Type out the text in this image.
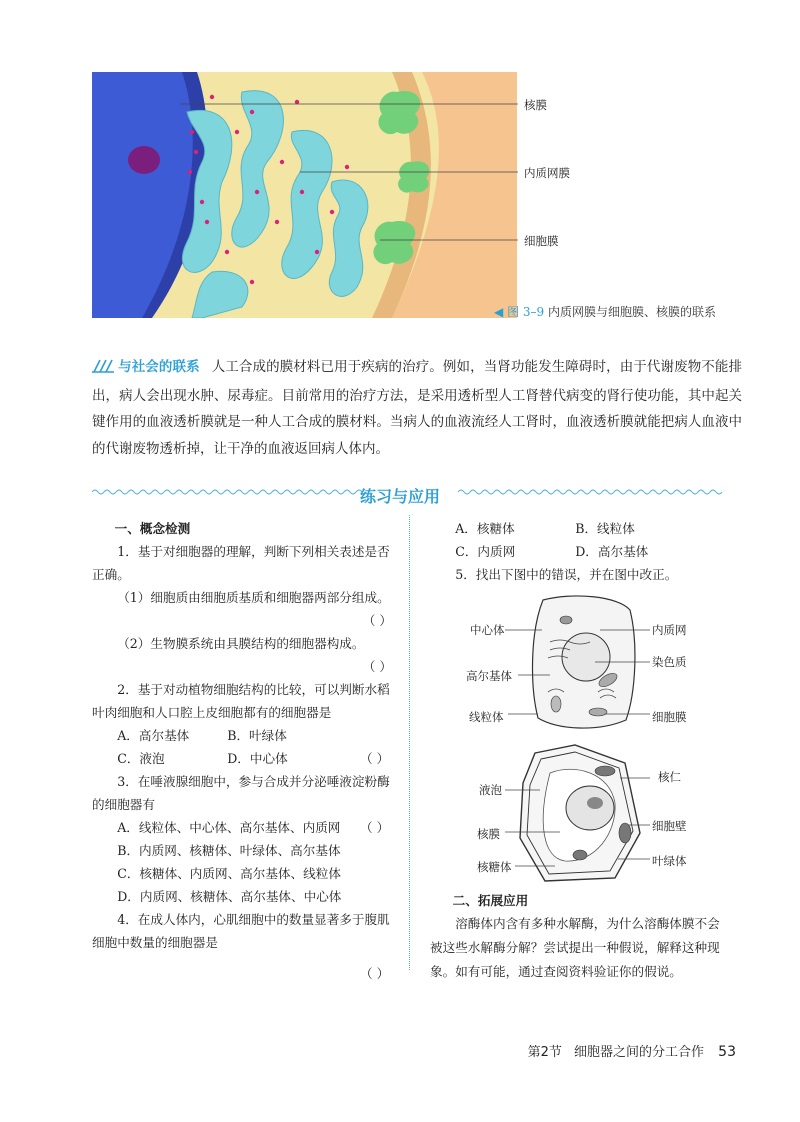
核膜
内质网膜
细胞膜
◀ 图 3–9 内质网膜与细胞膜、核膜的联系
与社会的联系 人工合成的膜材料已用于疾病的治疗。例如，当肾功能发生障碍时，由于代谢废物不能排出，病人会出现水肿、尿毒症。目前常用的治疗方法，是采用透析型人工肾替代病变的肾行使功能，其中起关键作用的血液透析膜就是一种人工合成的膜材料。当病人的血液流经人工肾时，血液透析膜就能把病人血液中的代谢废物透析掉，让干净的血液返回病人体内。
练习与应用

一、概念检测

1．基于对细胞器的理解，判断下列相关表述是否正确。

（1）细胞质由细胞质基质和细胞器两部分组成。

（ ）

（2）生物膜系统由具膜结构的细胞器构成。

（ ）

2．基于对动植物细胞结构的比较，可以判断水稻叶肉细胞和人口腔上皮细胞都有的细胞器是

A．高尔基体	B．叶绿体

C．液泡	D．中心体

3．在唾液腺细胞中，参与合成并分泌唾液淀粉酶的细胞器有

A．线粒体、中心体、高尔基体、内质网

B．内质网、核糖体、叶绿体、高尔基体

C．核糖体、内质网、高尔基体、线粒体

D．内质网、核糖体、高尔基体、中心体

4．在成人体内，心肌细胞中的数量显著多于腹肌细胞中数量的细胞器是

（ ）
（ ）
（ ）

A．核糖体	B．线粒体

C．内质网	D．高尔基体

5．找出下图中的错误，并在图中改正。

中心体
高尔基体
线粒体
内质网
染色质
细胞膜
液泡
核膜
核糖体
核仁
细胞壁
叶绿体

二、拓展应用

溶酶体内含有多种水解酶，为什么溶酶体膜不会被这些水解酶分解？尝试提出一种假说，解释这种现象。如有可能，通过查阅资料验证你的假说。

第2节 细胞器之间的分工合作 53
